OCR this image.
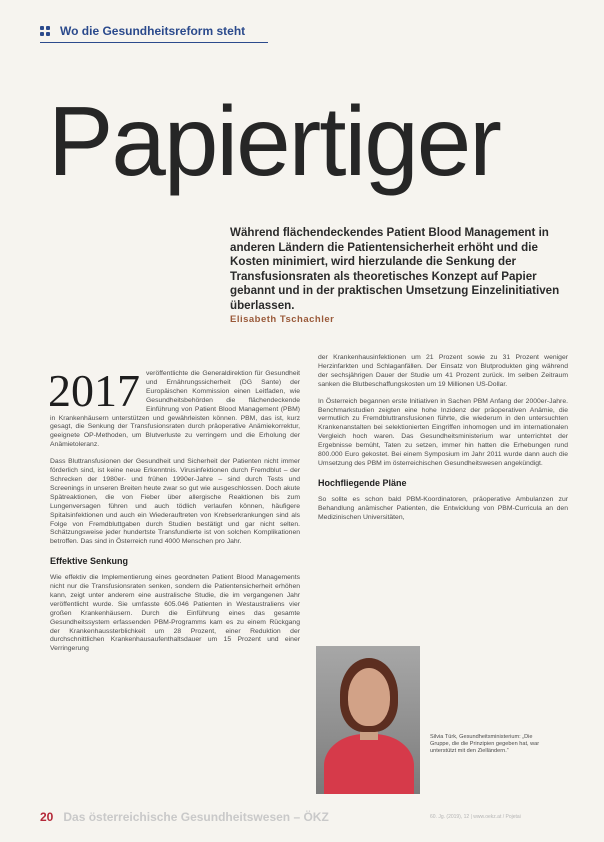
Wo die Gesundheitsreform steht
Papiertiger
Während flächendeckendes Patient Blood Management in anderen Ländern die Patientensicherheit erhöht und die Kosten minimiert, wird hierzulande die Senkung der Transfusionsraten als theoretisches Konzept auf Papier gebannt und in der praktischen Umsetzung Einzelinitiativen überlassen.
Elisabeth Tschachler

2017 veröffentlichte die Generaldirektion für Gesundheit und Ernährungssicherheit (DG Sante) der Europäischen Kommission einen Leitfaden, wie Gesundheitsbehörden die flächendeckende Einführung von Patient Blood Management (PBM) in Krankenhäusern unterstützen und gewährleisten können. PBM, das ist, kurz gesagt, die Senkung der Transfusionsraten durch präoperative Anämiekorrektur, geeignete OP-Methoden, um Blutverluste zu verringern und die Erholung der Anämietoleranz.

Dass Bluttransfusionen der Gesundheit und Sicherheit der Patienten nicht immer förderlich sind, ist keine neue Erkenntnis. Virusinfektionen durch Fremdblut – der Schrecken der 1980er- und frühen 1990er-Jahre – sind durch Tests und Screenings in unseren Breiten heute zwar so gut wie ausgeschlossen. Doch akute Spätreaktionen, die von Fieber über allergische Reaktionen bis zum Lungenversagen führen und auch tödlich verlaufen können, häufigere Spitalsinfektionen und auch ein Wiederauftreten von Krebserkrankungen sind als Folge von Fremdbluttgaben durch Studien bestätigt und gar nicht selten. Schätzungsweise jeder hundertste Transfundierte ist von solchen Komplikationen betroffen. Das sind in Österreich rund 4000 Menschen pro Jahr.

Effektive Senkung

Wie effektiv die Implementierung eines geordneten Patient Blood Managements nicht nur die Transfusionsraten senken, sondern die Patientensicherheit erhöhen kann, zeigt unter anderem eine australische Studie, die im vergangenen Jahr veröffentlicht wurde. Sie umfasste 605.046 Patienten in Westaustraliens vier großen Krankenhäusern. Durch die Einführung eines das gesamte Gesundheitssystem erfassenden PBM-Programms kam es zu einem Rückgang der Krankenhaussterblichkeit um 28 Prozent, einer Reduktion der durchschnittlichen Krankenhausaufenthaltsdauer um 15 Prozent und einer Verringerung

der Krankenhausinfektionen um 21 Prozent sowie zu 31 Prozent weniger Herzinfarkten und Schlaganfällen. Der Einsatz von Blutprodukten ging während der sechsjährigen Dauer der Studie um 41 Prozent zurück. Im selben Zeitraum sanken die Blutbeschaffungskosten um 19 Millionen US-Dollar.

In Österreich begannen erste Initiativen in Sachen PBM Anfang der 2000er-Jahre. Benchmarkstudien zeigten eine hohe Inzidenz der präoperativen Anämie, die vermutlich zu Fremdbluttransfusionen führte, die wiederum in den untersuchten Krankenanstalten bei selektionierten Eingriffen inhomogen und im internationalen Vergleich hoch waren. Das Gesundheitsministerium war unterrichtet der Ergebnisse bemüht, Taten zu setzen, immer hin hatten die Erhebungen rund 800.000 Euro gekostet. Bei einem Symposium im Jahr 2011 wurde dann auch die Umsetzung des PBM im österreichischen Gesundheitswesen angekündigt.

Hochfliegende Pläne

So sollte es schon bald PBM-Koordinatoren, präoperative Ambulanzen zur Behandlung anämischer Patienten, die Entwicklung von PBM-Curricula an den Medizinischen Universitäten,

Silvia Türk, Gesundheitsministerium: „Die Gruppe, die die Prinzipien gegeben hat, war unterstützt mit den Zielländern.“
20 Das österreichische Gesundheitswesen – ÖKZ	60. Jg. (2019), 12 | www.oekz.at / Pojetai
